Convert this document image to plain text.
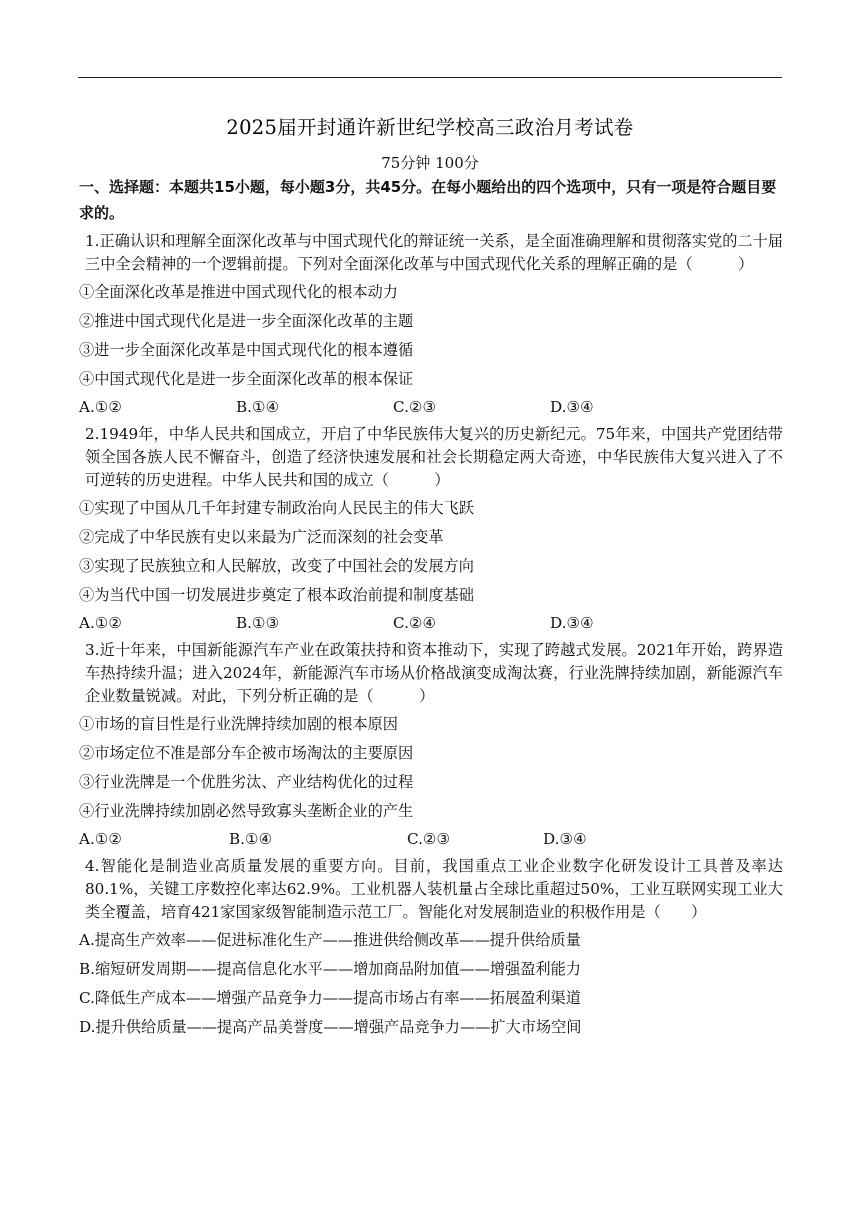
2025届开封通许新世纪学校高三政治月考试卷
75分钟 100分
一、选择题：本题共15小题，每小题3分，共45分。在每小题给出的四个选项中，只有一项是符合题目要求的。
1.正确认识和理解全面深化改革与中国式现代化的辩证统一关系，是全面准确理解和贯彻落实党的二十届三中全会精神的一个逻辑前提。下列对全面深化改革与中国式现代化关系的理解正确的是（　　　）
①全面深化改革是推进中国式现代化的根本动力
②推进中国式现代化是进一步全面深化改革的主题
③进一步全面深化改革是中国式现代化的根本遵循
④中国式现代化是进一步全面深化改革的根本保证
A.①②	B.①④	C.②③	D.③④
2.1949年，中华人民共和国成立，开启了中华民族伟大复兴的历史新纪元。75年来，中国共产党团结带领全国各族人民不懈奋斗，创造了经济快速发展和社会长期稳定两大奇迹，中华民族伟大复兴进入了不可逆转的历史进程。中华人民共和国的成立（　　　）
①实现了中国从几千年封建专制政治向人民民主的伟大飞跃
②完成了中华民族有史以来最为广泛而深刻的社会变革
③实现了民族独立和人民解放，改变了中国社会的发展方向
④为当代中国一切发展进步奠定了根本政治前提和制度基础
A.①②	B.①③	C.②④	D.③④
3.近十年来，中国新能源汽车产业在政策扶持和资本推动下，实现了跨越式发展。2021年开始，跨界造车热持续升温；进入2024年，新能源汽车市场从价格战演变成淘汰赛，行业洗牌持续加剧，新能源汽车企业数量锐减。对此，下列分析正确的是（　　　）
①市场的盲目性是行业洗牌持续加剧的根本原因
②市场定位不准是部分车企被市场淘汰的主要原因
③行业洗牌是一个优胜劣汰、产业结构优化的过程
④行业洗牌持续加剧必然导致寡头垄断企业的产生
A.①②	B.①④	C.②③	D.③④
4.智能化是制造业高质量发展的重要方向。目前，我国重点工业企业数字化研发设计工具普及率达80.1%，关键工序数控化率达62.9%。工业机器人装机量占全球比重超过50%，工业互联网实现工业大类全覆盖，培育421家国家级智能制造示范工厂。智能化对发展制造业的积极作用是（　　）
A.提高生产效率——促进标准化生产——推进供给侧改革——提升供给质量
B.缩短研发周期——提高信息化水平——增加商品附加值——增强盈利能力
C.降低生产成本——增强产品竞争力——提高市场占有率——拓展盈利渠道
D.提升供给质量——提高产品美誉度——增强产品竞争力——扩大市场空间
